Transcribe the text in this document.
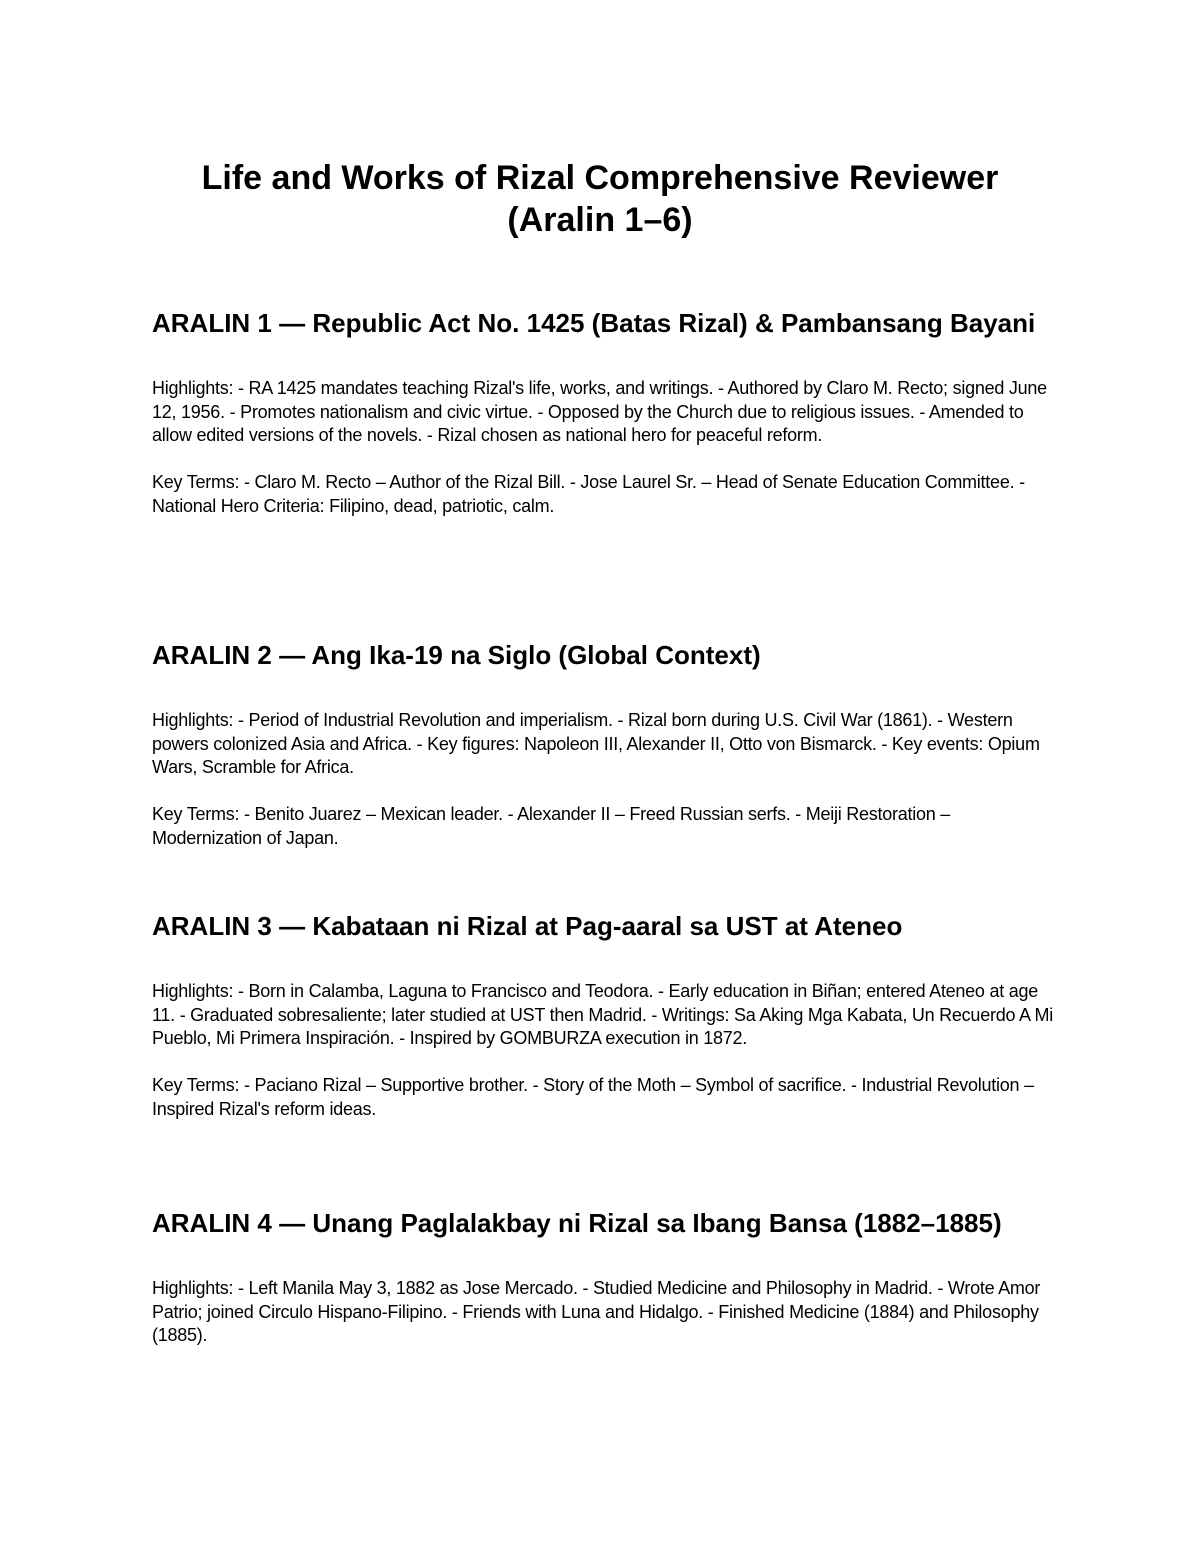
Life and Works of Rizal Comprehensive Reviewer
(Aralin 1–6)
ARALIN 1 — Republic Act No. 1425 (Batas Rizal) & Pambansang Bayani

Highlights: - RA 1425 mandates teaching Rizal's life, works, and writings. - Authored by Claro M. Recto; signed June 12, 1956. - Promotes nationalism and civic virtue. - Opposed by the Church due to religious issues. - Amended to allow edited versions of the novels. - Rizal chosen as national hero for peaceful reform.

Key Terms: - Claro M. Recto – Author of the Rizal Bill. - Jose Laurel Sr. – Head of Senate Education Committee. - National Hero Criteria: Filipino, dead, patriotic, calm.

ARALIN 2 — Ang Ika-19 na Siglo (Global Context)

Highlights: - Period of Industrial Revolution and imperialism. - Rizal born during U.S. Civil War (1861). - Western powers colonized Asia and Africa. - Key figures: Napoleon III, Alexander II, Otto von Bismarck. - Key events: Opium Wars, Scramble for Africa.

Key Terms: - Benito Juarez – Mexican leader. - Alexander II – Freed Russian serfs. - Meiji Restoration – Modernization of Japan.

ARALIN 3 — Kabataan ni Rizal at Pag-aaral sa UST at Ateneo

Highlights: - Born in Calamba, Laguna to Francisco and Teodora. - Early education in Biñan; entered Ateneo at age 11. - Graduated sobresaliente; later studied at UST then Madrid. - Writings: Sa Aking Mga Kabata, Un Recuerdo A Mi Pueblo, Mi Primera Inspiración. - Inspired by GOMBURZA execution in 1872.

Key Terms: - Paciano Rizal – Supportive brother. - Story of the Moth – Symbol of sacrifice. - Industrial Revolution – Inspired Rizal's reform ideas.

ARALIN 4 — Unang Paglalakbay ni Rizal sa Ibang Bansa (1882–1885)

Highlights: - Left Manila May 3, 1882 as Jose Mercado. - Studied Medicine and Philosophy in Madrid. - Wrote Amor Patrio; joined Circulo Hispano-Filipino. - Friends with Luna and Hidalgo. - Finished Medicine (1884) and Philosophy (1885).
